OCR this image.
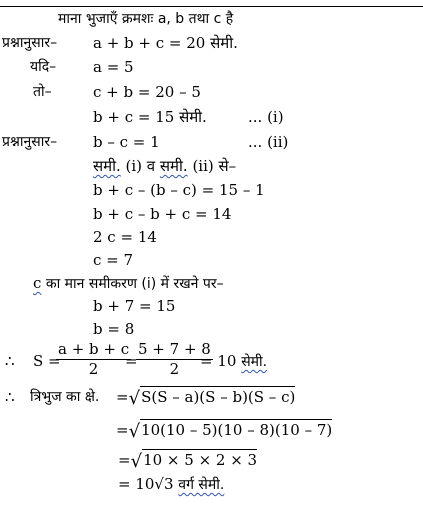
माना भुजाएँ क्रमशः a, b तथा c है
प्रश्नानुसार– a + b + c = 20 सेमी.
यदि– a = 5
तो–	c + b = 20 – 5
b + c = 15 सेमी.	... (i)
प्रश्नानुसार– b – c = 1	... (ii)
समी. (i) व समी. (ii) से–
b + c – (b – c) = 15 – 1
b + c – b + c = 14
2 c = 14
c = 7
c का मान समीकरण (i) में रखने पर–
b + 7 = 15
b = 8
∴ S =
$\frac{a + b + c}{2}$
=
$\frac{5 + 7 + 8}{2}$
= 10 सेमी.
∴ त्रिभुज का क्षे. =√S(S – a)(S – b)(S – c)
=√10(10 – 5)(10 – 8)(10 – 7)
=√10 × 5 × 2 × 3
= 10√3 वर्ग सेमी.
